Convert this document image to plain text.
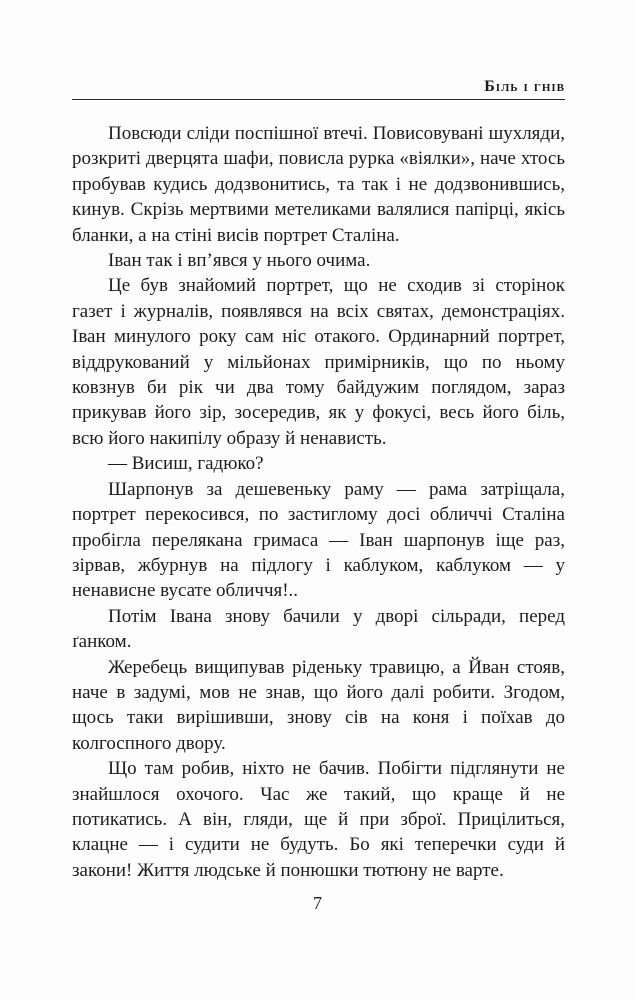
Біль і гнів

Повсюди сліди поспішної втечі. Повисовувані шухляди, розкриті дверцята шафи, повисла рурка «віялки», наче хтось пробував кудись додзвонитись, та так і не додзвонившись, кинув. Скрізь мертвими метеликами валялися папірці, якісь бланки, а на стіні висів портрет Сталіна.

Іван так і вп’явся у нього очима.

Це був знайомий портрет, що не сходив зі сторінок газет і журналів, появлявся на всіх святах, демонстраціях. Іван минулого року сам ніс отакого. Ординарний портрет, віддрукований у мільйонах примірників, що по ньому ковзнув би рік чи два тому байдужим поглядом, зараз прикував його зір, зосередив, як у фокусі, весь його біль, всю його накипілу образу й ненависть.

— Висиш, гадюко?

Шарпонув за дешевеньку раму — рама затріщала, портрет перекосився, по застиглому досі обличчі Сталіна пробігла перелякана гримаса — Іван шарпонув іще раз, зірвав, жбурнув на підлогу і каблуком, каблуком — у ненависне вусате обличчя!..

Потім Івана знову бачили у дворі сільради, перед ґанком.

Жеребець вищипував ріденьку травицю, а Йван стояв, наче в задумі, мов не знав, що його далі робити. Згодом, щось таки вирішивши, знову сів на коня і поїхав до колгоспного двору.

Що там робив, ніхто не бачив. Побігти підглянути не знайшлося охочого. Час же такий, що краще й не потикатись. А він, гляди, ще й при зброї. Прицілиться, клацне — і судити не будуть. Бо які теперечки суди й закони! Життя людське й понюшки тютюну не варте.

7
